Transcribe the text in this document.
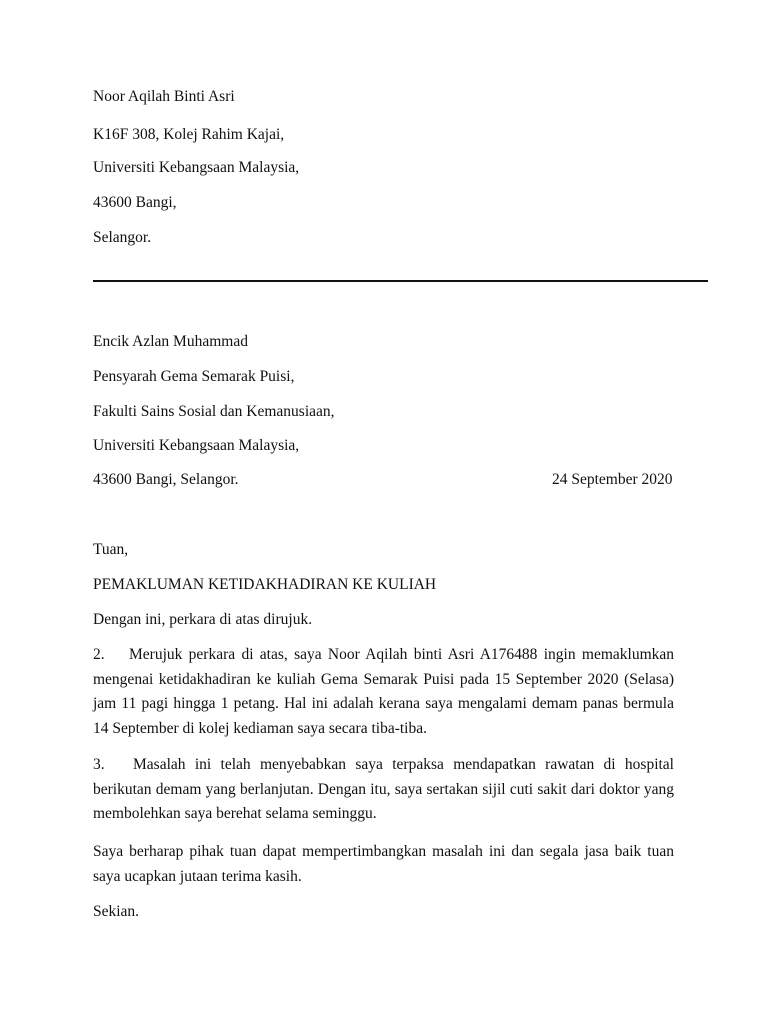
Noor Aqilah Binti Asri
K16F 308, Kolej Rahim Kajai,
Universiti Kebangsaan Malaysia,
43600 Bangi,
Selangor.
Encik Azlan Muhammad
Pensyarah Gema Semarak Puisi,
Fakulti Sains Sosial dan Kemanusiaan,
Universiti Kebangsaan Malaysia,
43600 Bangi, Selangor.	24 September 2020
Tuan,
PEMAKLUMAN KETIDAKHADIRAN KE KULIAH
Dengan ini, perkara di atas dirujuk.
2. Merujuk perkara di atas, saya Noor Aqilah binti Asri A176488 ingin memaklumkan mengenai ketidakhadiran ke kuliah Gema Semarak Puisi pada 15 September 2020 (Selasa) jam 11 pagi hingga 1 petang. Hal ini adalah kerana saya mengalami demam panas bermula 14 September di kolej kediaman saya secara tiba-tiba.
3. Masalah ini telah menyebabkan saya terpaksa mendapatkan rawatan di hospital berikutan demam yang berlanjutan. Dengan itu, saya sertakan sijil cuti sakit dari doktor yang membolehkan saya berehat selama seminggu.
Saya berharap pihak tuan dapat mempertimbangkan masalah ini dan segala jasa baik tuan saya ucapkan jutaan terima kasih.
Sekian.
